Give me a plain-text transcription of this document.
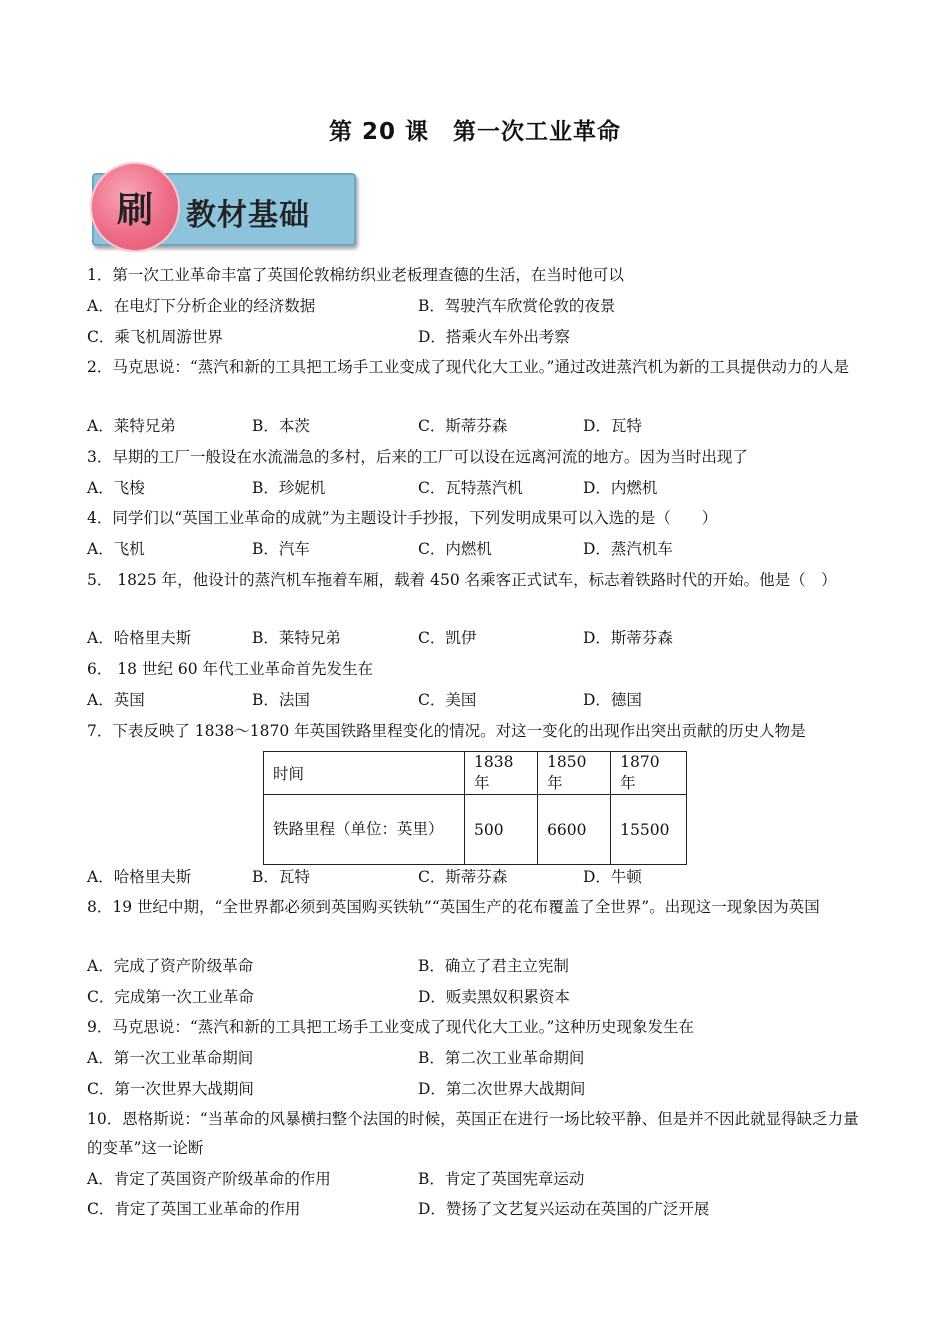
第 20 课　第一次工业革命
刷 教材基础
1．第一次工业革命丰富了英国伦敦棉纺织业老板理查德的生活，在当时他可以
A．在电灯下分析企业的经济数据	B．驾驶汽车欣赏伦敦的夜景
C．乘飞机周游世界	D．搭乘火车外出考察
2．马克思说：“蒸汽和新的工具把工场手工业变成了现代化大工业。”通过改进蒸汽机为新的工具提供动力的人是
A．莱特兄弟	B．本茨	C．斯蒂芬森	D．瓦特
3．早期的工厂一般设在水流湍急的多村，后来的工厂可以设在远离河流的地方。因为当时出现了
A．飞梭	B．珍妮机	C．瓦特蒸汽机	D．内燃机
4．同学们以“英国工业革命的成就”为主题设计手抄报，下列发明成果可以入选的是（　　）
A．飞机	B．汽车	C．内燃机	D．蒸汽机车
5． 1825 年，他设计的蒸汽机车拖着车厢，载着 450 名乘客正式试车，标志着铁路时代的开始。他是（　）
A．哈格里夫斯	B．莱特兄弟	C．凯伊	D．斯蒂芬森
6． 18 世纪 60 年代工业革命首先发生在
A．英国	B．法国	C．美国	D．德国
7．下表反映了 1838～1870 年英国铁路里程变化的情况。对这一变化的出现作出突出贡献的历史人物是
时间	1838 年	1850 年	1870 年
铁路里程（单位：英里）	500	6600	15500
A．哈格里夫斯	B．瓦特	C．斯蒂芬森	D．牛顿
8．19 世纪中期，“全世界都必须到英国购买铁轨”“英国生产的花布覆盖了全世界”。出现这一现象因为英国
A．完成了资产阶级革命	B．确立了君主立宪制
C．完成第一次工业革命	D．贩卖黑奴积累资本
9．马克思说：“蒸汽和新的工具把工场手工业变成了现代化大工业。”这种历史现象发生在
A．第一次工业革命期间	B．第二次工业革命期间
C．第一次世界大战期间	D．第二次世界大战期间
10．恩格斯说：“当革命的风暴横扫整个法国的时候，英国正在进行一场比较平静、但是并不因此就显得缺乏力量的变革”这一论断
A．肯定了英国资产阶级革命的作用	B．肯定了英国宪章运动
C．肯定了英国工业革命的作用	D．赞扬了文艺复兴运动在英国的广泛开展
